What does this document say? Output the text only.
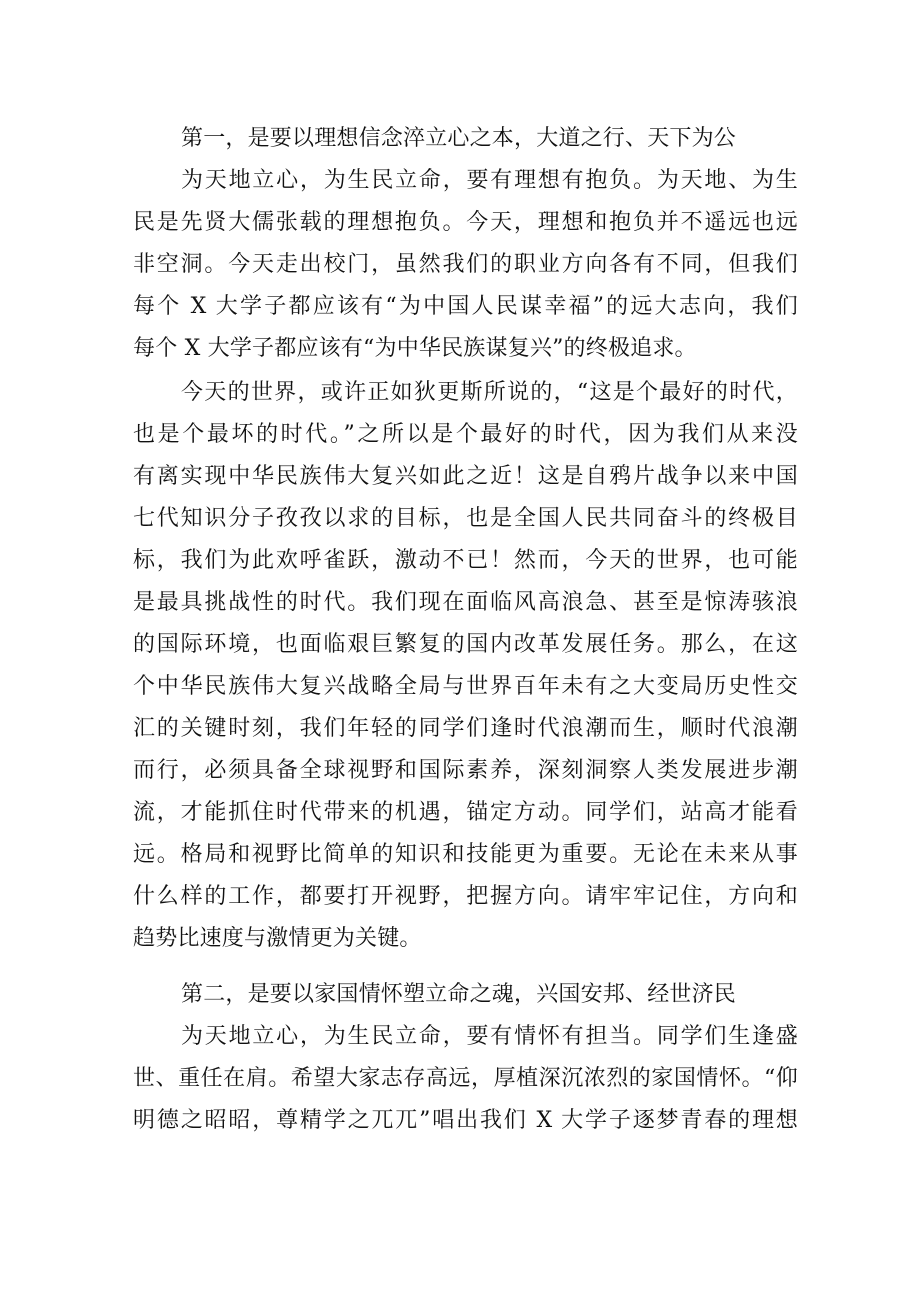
第一，是要以理想信念淬立心之本，大道之行、天下为公
为天地立心，为生民立命，要有理想有抱负。为天地、为生
民是先贤大儒张载的理想抱负。今天，理想和抱负并不遥远也远
非空洞。今天走出校门，虽然我们的职业方向各有不同，但我们
每个 X 大学子都应该有“为中国人民谋幸福”的远大志向，我们
每个 X 大学子都应该有“为中华民族谋复兴”的终极追求。
今天的世界，或许正如狄更斯所说的，“这是个最好的时代，
也是个最坏的时代。”之所以是个最好的时代，因为我们从来没
有离实现中华民族伟大复兴如此之近！这是自鸦片战争以来中国
七代知识分子孜孜以求的目标，也是全国人民共同奋斗的终极目
标，我们为此欢呼雀跃，激动不已！然而，今天的世界，也可能
是最具挑战性的时代。我们现在面临风高浪急、甚至是惊涛骇浪
的国际环境，也面临艰巨繁复的国内改革发展任务。那么，在这
个中华民族伟大复兴战略全局与世界百年未有之大变局历史性交
汇的关键时刻，我们年轻的同学们逢时代浪潮而生，顺时代浪潮
而行，必须具备全球视野和国际素养，深刻洞察人类发展进步潮
流，才能抓住时代带来的机遇，锚定方动。同学们，站高才能看
远。格局和视野比简单的知识和技能更为重要。无论在未来从事
什么样的工作，都要打开视野，把握方向。请牢牢记住，方向和
趋势比速度与激情更为关键。
第二，是要以家国情怀塑立命之魂，兴国安邦、经世济民
为天地立心，为生民立命，要有情怀有担当。同学们生逢盛
世、重任在肩。希望大家志存高远，厚植深沉浓烈的家国情怀。“仰
明德之昭昭，尊精学之兀兀”唱出我们 X 大学子逐梦青春的理想
